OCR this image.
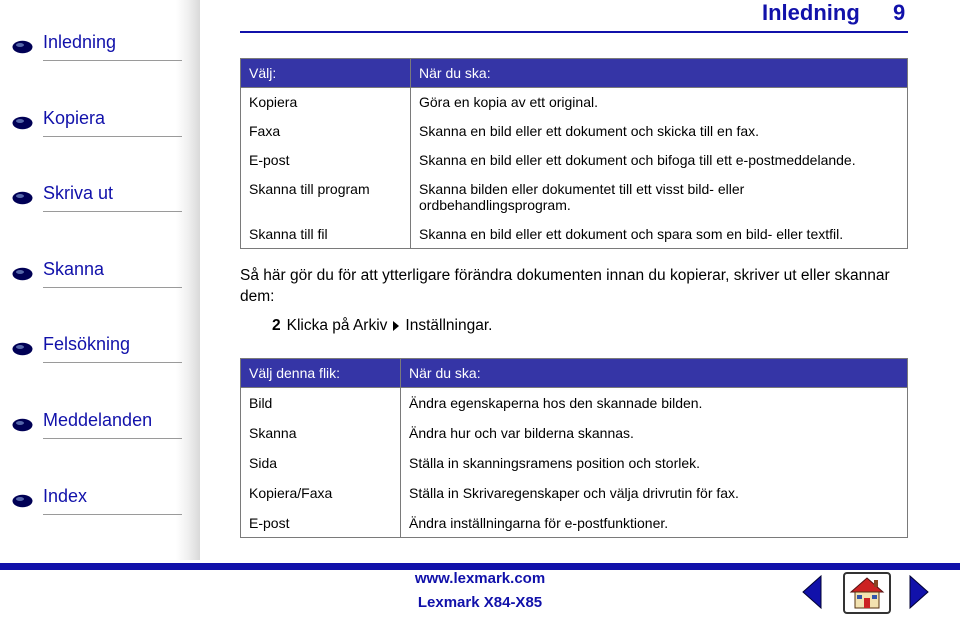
Inledning
Kopiera
Skriva ut
Skanna
Felsökning
Meddelanden
Index
Inledning 9
Välj:	När du ska:
Kopiera	Göra en kopia av ett original.
Faxa	Skanna en bild eller ett dokument och skicka till en fax.
E-post	Skanna en bild eller ett dokument och bifoga till ett e-postmeddelande.
Skanna till program	Skanna bilden eller dokumentet till ett visst bild- eller ordbehandlingsprogram.
Skanna till fil	Skanna en bild eller ett dokument och spara som en bild- eller textfil.
Så här gör du för att ytterligare förändra dokumenten innan du kopierar, skriver ut eller skannar dem:
2 Klicka på Arkiv Inställningar.
Välj denna flik:	När du ska:
Bild	Ändra egenskaperna hos den skannade bilden.
Skanna	Ändra hur och var bilderna skannas.
Sida	Ställa in skanningsramens position och storlek.
Kopiera/Faxa	Ställa in Skrivaregenskaper och välja drivrutin för fax.
E-post	Ändra inställningarna för e-postfunktioner.
www.lexmark.com
Lexmark X84-X85
